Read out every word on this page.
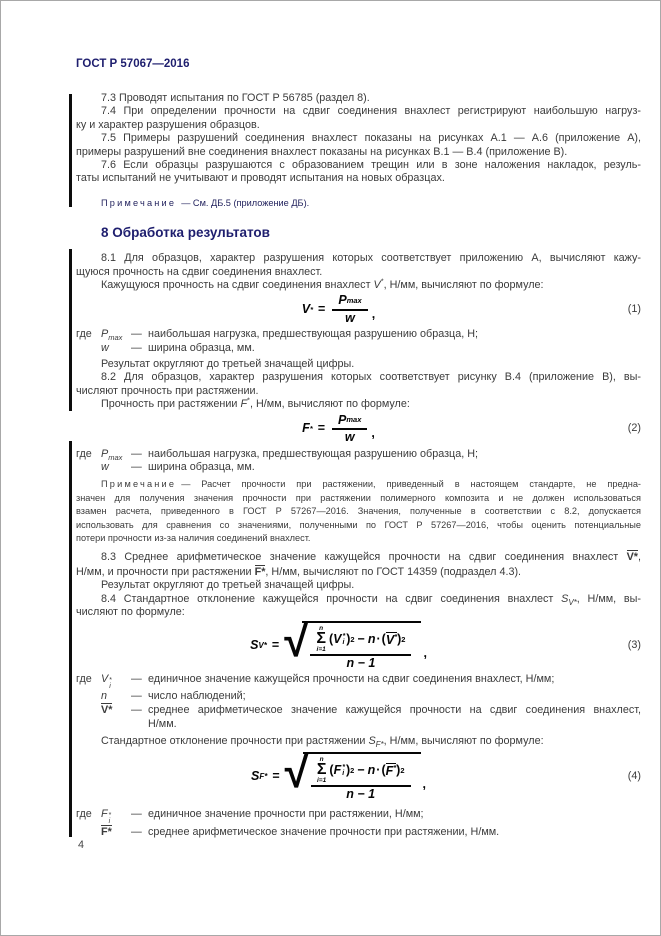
ГОСТ Р 57067—2016
7.3 Проводят испытания по ГОСТ Р 56785 (раздел 8).
7.4 При определении прочности на сдвиг соединения внахлест регистрируют наибольшую нагруз-
ку и характер разрушения образцов.
7.5 Примеры разрушений соединения внахлест показаны на рисунках А.1 — А.6 (приложение А),
примеры разрушений вне соединения внахлест показаны на рисунках В.1 — В.4 (приложение В).
7.6 Если образцы разрушаются с образованием трещин или в зоне наложения накладок, резуль-
таты испытаний не учитывают и проводят испытания на новых образцах.
Примечание — См. ДБ.5 (приложение ДБ).
8 Обработка результатов
8.1 Для образцов, характер разрушения которых соответствует приложению А, вычисляют кажу-
щуюся прочность на сдвиг соединения внахлест.
Кажущуюся прочность на сдвиг соединения внахлест V*, Н/мм, вычисляют по формуле:
V * = $\frac{\text{P max}}{w}$ ,	(1)
где $P_{max}$ — наибольшая нагрузка, предшествующая разрушению образца, Н;
w	— ширина образца, мм.
Результат округляют до третьей значащей цифры.
8.2 Для образцов, характер разрушения которых соответствует рисунку В.4 (приложение В), вы-
числяют прочность при растяжении.
Прочность при растяжении F*, Н/мм, вычисляют по формуле:
F * = $\frac{\text{P max}}{w}$ ,	(2)
где $P_{max}$ — наибольшая нагрузка, предшествующая разрушению образца, Н;
w	— ширина образца, мм.
Примечание — Расчет прочности при растяжении, приведенный в настоящем стандарте, не предна-
значен для получения значения прочности при растяжении полимерного композита и не должен использоваться
взамен расчета, приведенного в ГОСТ Р 57267—2016. Значения, полученные в соответствии с 8.2, допускается
использовать для сравнения со значениями, полученными по ГОСТ Р 57267—2016, чтобы оценить потенциальные
потери прочности из-за наличия соединений внахлест.
8.3 Среднее арифметическое значение кажущейся прочности на сдвиг соединения внахлест V*,
Н/мм, и прочности при растяжении F*, Н/мм, вычисляют по ГОСТ 14359 (подраздел 4.3).
Результат округляют до третьей значащей цифры.
8.4 Стандартное отклонение кажущейся прочности на сдвиг соединения внахлест $S_{V*}$, Н/мм, вы-
числяют по формуле:
S V* = √ n
Σ
i=1
( V *
i ) 2 − n · ( V* ) 2
n − 1 ,
(3)
где V *
i
— единичное значение кажущейся прочности на сдвиг соединения внахлест, Н/мм;
n	— число наблюдений;
V*	— среднее арифметическое значение кажущейся прочности на сдвиг соединения внахлест,
Н/мм.
Стандартное отклонение прочности при растяжении $S_{F*}$, Н/мм, вычисляют по формуле:
S F* = √ n
Σ
i=1
( F *
i ) 2 − n · ( F* ) 2
n − 1 ,
(4)
где F *
i
— единичное значение прочности при растяжении, Н/мм;
F*	— среднее арифметическое значение прочности при растяжении, Н/мм.
4
